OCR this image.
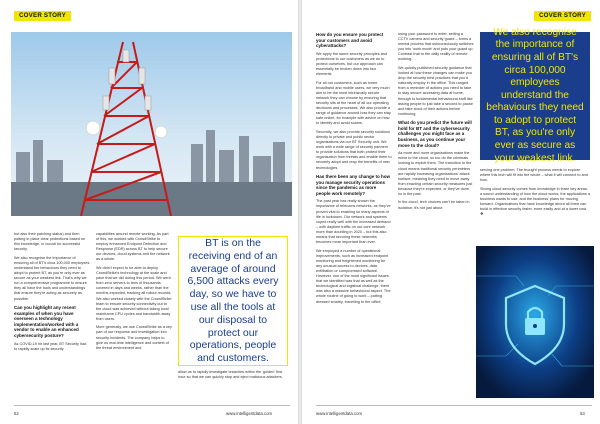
COVER STORY

but also their patching status) and then putting in place clear protections based on this knowledge, is crucial for successful security.

We also recognise the importance of ensuring all of BT's circa 100,000 employees understand the behaviours they need to adopt to protect BT, as you're only ever as secure as your weakest link. That's why we run a comprehensive programme to ensure they all have the tools and understandings that ensure they're acting as securely as possible.

Can you highlight any recent examples of when you have overseen a technology implementation/worked with a vendor to enable an enhanced cybersecurity posture?

As COVID-19 hit last year, BT Security had to rapidly scale up its security

capabilities around remote working. As part of this, we worked with CrowdStrike to employ enhanced Endpoint Detection and Response (EDR) across BT to help secure our devices, cloud systems and the network as a whole.

We didn't expect to be able to deploy CrowdStrike's technology at the scale and pace that we did during this period. We went from zero servers to tens of thousands covered in days and weeks, rather than the months expected, tracking all rollout records. We also worked closely with the CrowdStrike team to ensure security connectivity out to the cloud was achieved without taking local mainframe CPU cycles and bandwidth away from users.

More generally, we use CrowdStrike as a key part of our response and investigation into security incidents. The company helps to give us real-time intelligence and context of the threat environment and

BT is on the receiving end of an average of around 6,500 attacks every day, so we have to use all the tools at our disposal to protect our operations, people and customers.

allow us to rapidly investigate breaches within the 'golden' first hour so that we can quickly stop and eject malicious attackers.

52	www.intelligentdata.com
COVER STORY
How do you ensure you protect your customers and avoid cyberattacks?

We apply the same security principles and protections to our customers as we do to protect ourselves, but our approach can essentially be broken down into two elements.

For all our customers, such as home broadband and mobile users, we very much aim to be the most intrinsically secure network they can choose by ensuring that security sits at the heart of all our operating decisions and processes. We also provide a range of guidance around how they can stay safe online, for example with advice on how to identify and avoid scams.

Secondly, we also provide security solutions directly to private and public sector organisations via our BT Security unit. We work with a wide range of security partners to provide solutions that both protect their organisation from threats and enable them to securely adopt and reap the benefits of new technologies.

Has there been any change to how you manage security operations since the pandemic as more people work remotely?

The past year has really shown the importance of telecoms networks, as they've proved vital to enabling so many aspects of life in lockdown. Our network and systems coped really well with the increased demand – with daytime traffic on our core network more than doubling in 2020 – but this also means that securing these networks becomes more important than ever.

We employed a number of operational improvements, such as increased endpoint monitoring and heightened monitoring for any unusual access to devices, data exfiltration or compromised software. However, one of the most significant issues that we identified was that as well as the technological and logistical challenge, there was also a massive behavioural aspect. The whole routine of going to work – putting dressed smartly, travelling to the office,

using your password to enter, setting a CCTV camera and security guard – forms a mental process that subconsciously switches you into 'work mode' and puts your guard up. Contrast that to the daily reality of remote working, . . .

We quickly published security guidance that looked at how these changes can make you drop the security best practices that you'd naturally employ in the office. This ranged from a reminder of actions you need to take to stay secure accessing data at home, through to fundamental behavioural stuff like asking people to just take a second to pause and take stock of their actions before continuing.

What do you predict the future will hold for BT and the cybersecurity challenges you might face as a business, as you continue your move to the cloud?

As more and more organisations make the move to the cloud, so too do the criminals looking to exploit them. The transition to the cloud means traditional security perimeters are rapidly increasing organisations' attack surface, meaning they need to move away from enacting certain security measures just because they're expected, or they've done so in the past.

In the cloud, tech choices can't be taken in isolation; it's not just about

We also recognise the importance of ensuring all of BT's circa 100,000 employees understand the behaviours they need to adopt to protect BT, as you're only ever as secure as your weakest link.

serving one problem. The thought process needs to explore where this tech will fit into the whole – what it will connect to and how.

Strong cloud security comes from knowledge in three key areas: a sound understanding of how the cloud works; the applications a business wants to use; and the business' plans for moving forward. Organisations that have knowledge about all three can build in effective security faster, more easily and at a lower cost. ❖

www.intelligentdata.com	53
